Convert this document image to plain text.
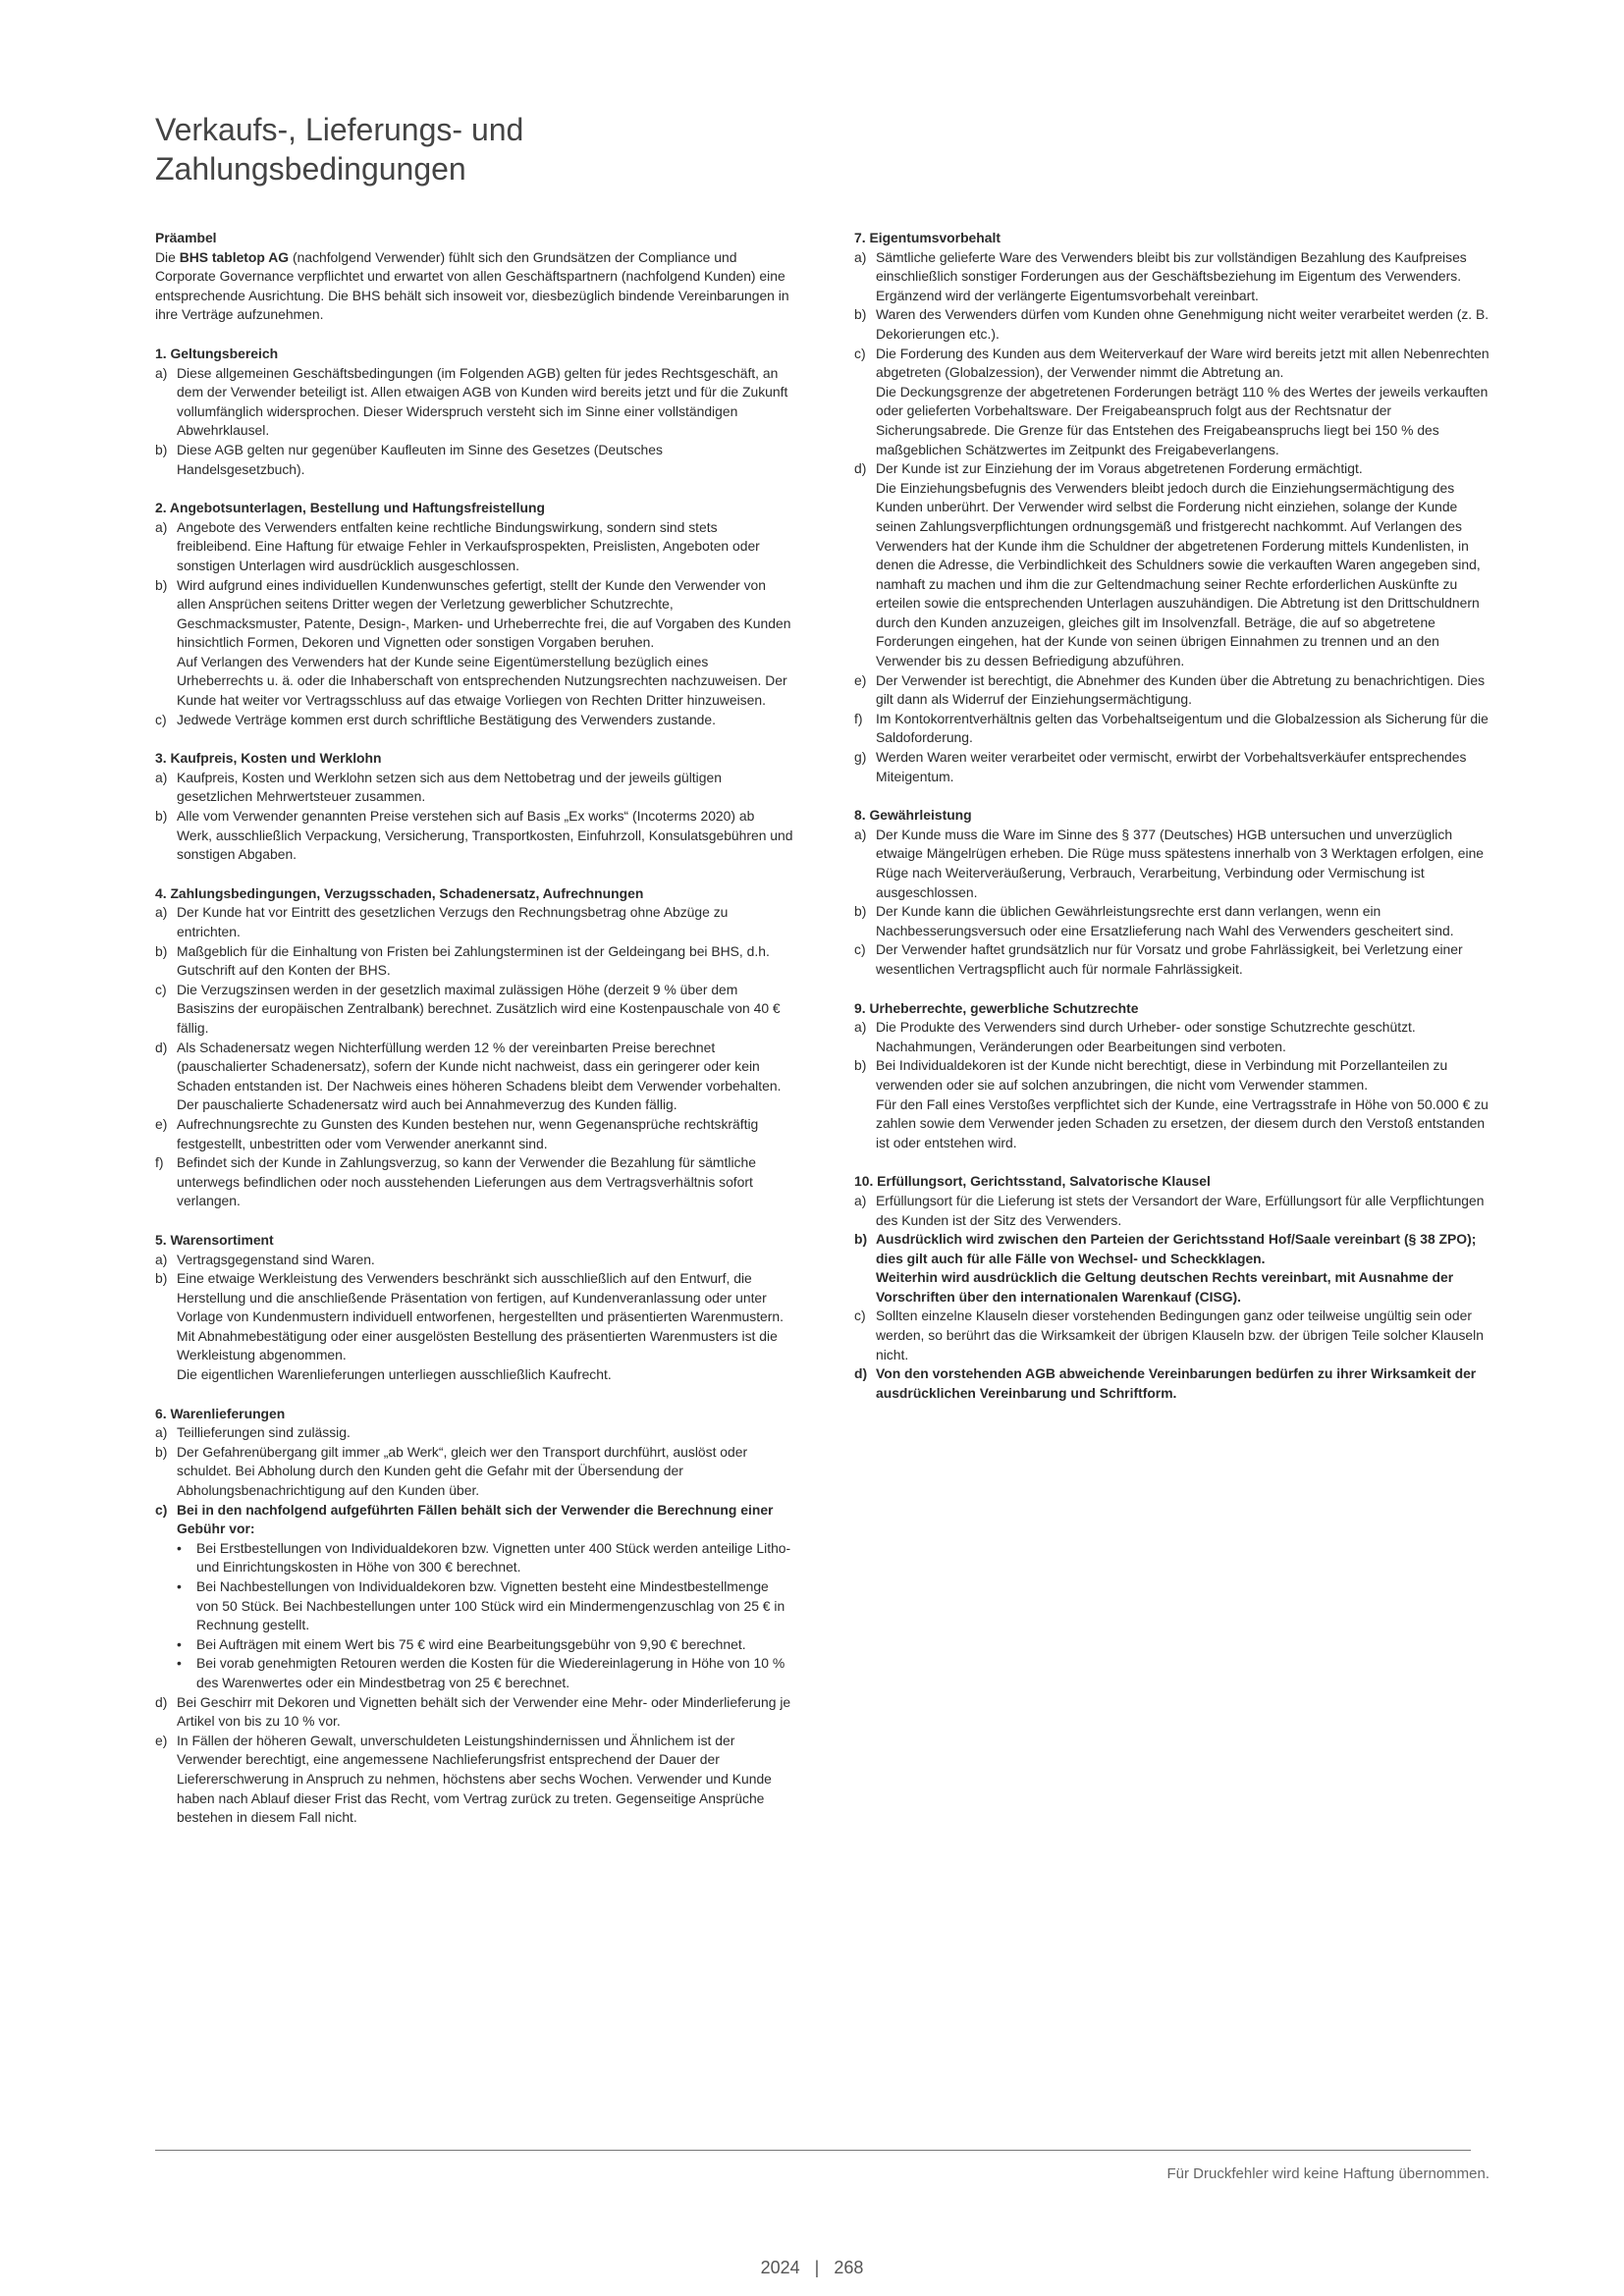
Verkaufs-, Lieferungs- und
Zahlungsbedingungen
Präambel

Die BHS tabletop AG (nachfolgend Verwender) fühlt sich den Grundsätzen der Compliance und Corporate Governance verpflichtet und erwartet von allen Geschäftspartnern (nachfolgend Kunden) eine entsprechende Ausrichtung. Die BHS behält sich insoweit vor, diesbezüglich bindende Vereinbarungen in ihre Verträge aufzunehmen.

1. Geltungsbereich
a) Diese allgemeinen Geschäftsbedingungen (im Folgenden AGB) gelten für jedes Rechtsgeschäft, an dem der Verwender beteiligt ist. Allen etwaigen AGB von Kunden wird bereits jetzt und für die Zukunft vollumfänglich widersprochen. Dieser Widerspruch versteht sich im Sinne einer vollständigen Abwehrklausel.
b) Diese AGB gelten nur gegenüber Kaufleuten im Sinne des Gesetzes (Deutsches Handelsgesetzbuch).
2. Angebotsunterlagen, Bestellung und Haftungsfreistellung
a) Angebote des Verwenders entfalten keine rechtliche Bindungswirkung, sondern sind stets freibleibend. Eine Haftung für etwaige Fehler in Verkaufsprospekten, Preislisten, Angeboten oder sonstigen Unterlagen wird ausdrücklich ausgeschlossen.
b) Wird aufgrund eines individuellen Kundenwunsches gefertigt, stellt der Kunde den Verwender von allen Ansprüchen seitens Dritter wegen der Verletzung gewerblicher Schutzrechte, Geschmacksmuster, Patente, Design-, Marken- und Urheberrechte frei, die auf Vorgaben des Kunden hinsichtlich Formen, Dekoren und Vignetten oder sonstigen Vorgaben beruhen.

Auf Verlangen des Verwenders hat der Kunde seine Eigentümerstellung bezüglich eines Urheberrechts u. ä. oder die Inhaberschaft von entsprechenden Nutzungsrechten nachzuweisen. Der Kunde hat weiter vor Vertragsschluss auf das etwaige Vorliegen von Rechten Dritter hinzuweisen.

c) Jedwede Verträge kommen erst durch schriftliche Bestätigung des Verwenders zustande.
3. Kaufpreis, Kosten und Werklohn
a) Kaufpreis, Kosten und Werklohn setzen sich aus dem Nettobetrag und der jeweils gültigen gesetzlichen Mehrwertsteuer zusammen.
b) Alle vom Verwender genannten Preise verstehen sich auf Basis „Ex works“ (Incoterms 2020) ab Werk, ausschließlich Verpackung, Versicherung, Transportkosten, Einfuhrzoll, Konsulatsgebühren und sonstigen Abgaben.
4. Zahlungsbedingungen, Verzugsschaden, Schadenersatz, Aufrechnungen
a) Der Kunde hat vor Eintritt des gesetzlichen Verzugs den Rechnungsbetrag ohne Abzüge zu entrichten.
b) Maßgeblich für die Einhaltung von Fristen bei Zahlungsterminen ist der Geldeingang bei BHS, d.h. Gutschrift auf den Konten der BHS.
c) Die Verzugszinsen werden in der gesetzlich maximal zulässigen Höhe (derzeit 9 % über dem Basiszins der europäischen Zentralbank) berechnet. Zusätzlich wird eine Kostenpauschale von 40 € fällig.
d) Als Schadenersatz wegen Nichterfüllung werden 12 % der vereinbarten Preise berechnet (pauschalierter Schadenersatz), sofern der Kunde nicht nachweist, dass ein geringerer oder kein Schaden entstanden ist. Der Nachweis eines höheren Schadens bleibt dem Verwender vorbehalten. Der pauschalierte Schadenersatz wird auch bei Annahmeverzug des Kunden fällig.
e) Aufrechnungsrechte zu Gunsten des Kunden bestehen nur, wenn Gegenansprüche rechtskräftig festgestellt, unbestritten oder vom Verwender anerkannt sind.
f) Befindet sich der Kunde in Zahlungsverzug, so kann der Verwender die Bezahlung für sämtliche unterwegs befindlichen oder noch ausstehenden Lieferungen aus dem Vertragsverhältnis sofort verlangen.
5. Warensortiment
a) Vertragsgegenstand sind Waren.
b) Eine etwaige Werkleistung des Verwenders beschränkt sich ausschließlich auf den Entwurf, die Herstellung und die anschließende Präsentation von fertigen, auf Kundenveranlassung oder unter Vorlage von Kundenmustern individuell entworfenen, hergestellten und präsentierten Warenmustern. Mit Abnahmebestätigung oder einer ausgelösten Bestellung des präsentierten Warenmusters ist die Werkleistung abgenommen.

Die eigentlichen Warenlieferungen unterliegen ausschließlich Kaufrecht.

6. Warenlieferungen
a) Teillieferungen sind zulässig.
b) Der Gefahrenübergang gilt immer „ab Werk“, gleich wer den Transport durchführt, auslöst oder schuldet. Bei Abholung durch den Kunden geht die Gefahr mit der Übersendung der Abholungsbenachrichtigung auf den Kunden über.
c) Bei in den nachfolgend aufgeführten Fällen behält sich der Verwender die Berechnung einer Gebühr vor:
•	Bei Erstbestellungen von Individualdekoren bzw. Vignetten unter 400 Stück werden anteilige Litho- und Einrichtungskosten in Höhe von 300 € berechnet.
•	Bei Nachbestellungen von Individualdekoren bzw. Vignetten besteht eine Mindestbestellmenge von 50 Stück. Bei Nachbestellungen unter 100 Stück wird ein Mindermengenzuschlag von 25 € in Rechnung gestellt.
•	Bei Aufträgen mit einem Wert bis 75 € wird eine Bearbeitungsgebühr von 9,90 € berechnet.
•	Bei vorab genehmigten Retouren werden die Kosten für die Wiedereinlagerung in Höhe von 10 % des Warenwertes oder ein Mindestbetrag von 25 € berechnet.
d) Bei Geschirr mit Dekoren und Vignetten behält sich der Verwender eine Mehr- oder Minderlieferung je Artikel von bis zu 10 % vor.
e) In Fällen der höheren Gewalt, unverschuldeten Leistungshindernissen und Ähnlichem ist der Verwender berechtigt, eine angemessene Nachlieferungsfrist entsprechend der Dauer der Liefererschwerung in Anspruch zu nehmen, höchstens aber sechs Wochen. Verwender und Kunde haben nach Ablauf dieser Frist das Recht, vom Vertrag zurück zu treten. Gegenseitige Ansprüche bestehen in diesem Fall nicht.
7. Eigentumsvorbehalt
a) Sämtliche gelieferte Ware des Verwenders bleibt bis zur vollständigen Bezahlung des Kaufpreises einschließlich sonstiger Forderungen aus der Geschäftsbeziehung im Eigentum des Verwenders. Ergänzend wird der verlängerte Eigentumsvorbehalt vereinbart.
b) Waren des Verwenders dürfen vom Kunden ohne Genehmigung nicht weiter verarbeitet werden (z. B. Dekorierungen etc.).
c) Die Forderung des Kunden aus dem Weiterverkauf der Ware wird bereits jetzt mit allen Nebenrechten abgetreten (Globalzession), der Verwender nimmt die Abtretung an.

Die Deckungsgrenze der abgetretenen Forderungen beträgt 110 % des Wertes der jeweils verkauften oder gelieferten Vorbehaltsware. Der Freigabeanspruch folgt aus der Rechtsnatur der Sicherungsabrede. Die Grenze für das Entstehen des Freigabeanspruchs liegt bei 150 % des maßgeblichen Schätzwertes im Zeitpunkt des Freigabeverlangens.

d) Der Kunde ist zur Einziehung der im Voraus abgetretenen Forderung ermächtigt.

Die Einziehungsbefugnis des Verwenders bleibt jedoch durch die Einziehungsermächtigung des Kunden unberührt. Der Verwender wird selbst die Forderung nicht einziehen, solange der Kunde seinen Zahlungsverpflichtungen ordnungsgemäß und fristgerecht nachkommt. Auf Verlangen des Verwenders hat der Kunde ihm die Schuldner der abgetretenen Forderung mittels Kundenlisten, in denen die Adresse, die Verbindlichkeit des Schuldners sowie die verkauften Waren angegeben sind, namhaft zu machen und ihm die zur Geltendmachung seiner Rechte erforderlichen Auskünfte zu erteilen sowie die entsprechenden Unterlagen auszuhändigen. Die Abtretung ist den Drittschuldnern durch den Kunden anzuzeigen, gleiches gilt im Insolvenzfall. Beträge, die auf so abgetretene Forderungen eingehen, hat der Kunde von seinen übrigen Einnahmen zu trennen und an den Verwender bis zu dessen Befriedigung abzuführen.

e) Der Verwender ist berechtigt, die Abnehmer des Kunden über die Abtretung zu benachrichtigen. Dies gilt dann als Widerruf der Einziehungsermächtigung.
f) Im Kontokorrentverhältnis gelten das Vorbehaltseigentum und die Globalzession als Sicherung für die Saldoforderung.
g) Werden Waren weiter verarbeitet oder vermischt, erwirbt der Vorbehaltsverkäufer entsprechendes Miteigentum.
8. Gewährleistung
a) Der Kunde muss die Ware im Sinne des § 377 (Deutsches) HGB untersuchen und unverzüglich etwaige Mängelrügen erheben. Die Rüge muss spätestens innerhalb von 3 Werktagen erfolgen, eine Rüge nach Weiterveräußerung, Verbrauch, Verarbeitung, Verbindung oder Vermischung ist ausgeschlossen.
b) Der Kunde kann die üblichen Gewährleistungsrechte erst dann verlangen, wenn ein Nachbesserungsversuch oder eine Ersatzlieferung nach Wahl des Verwenders gescheitert sind.
c) Der Verwender haftet grundsätzlich nur für Vorsatz und grobe Fahrlässigkeit, bei Verletzung einer wesentlichen Vertragspflicht auch für normale Fahrlässigkeit.
9. Urheberrechte, gewerbliche Schutzrechte
a) Die Produkte des Verwenders sind durch Urheber- oder sonstige Schutzrechte geschützt. Nachahmungen, Veränderungen oder Bearbeitungen sind verboten.
b) Bei Individualdekoren ist der Kunde nicht berechtigt, diese in Verbindung mit Porzellanteilen zu verwenden oder sie auf solchen anzubringen, die nicht vom Verwender stammen.

Für den Fall eines Verstoßes verpflichtet sich der Kunde, eine Vertragsstrafe in Höhe von 50.000 € zu zahlen sowie dem Verwender jeden Schaden zu ersetzen, der diesem durch den Verstoß entstanden ist oder entstehen wird.

10. Erfüllungsort, Gerichtsstand, Salvatorische Klausel
a) Erfüllungsort für die Lieferung ist stets der Versandort der Ware, Erfüllungsort für alle Verpflichtungen des Kunden ist der Sitz des Verwenders.
b) Ausdrücklich wird zwischen den Parteien der Gerichtsstand Hof/Saale vereinbart (§ 38 ZPO); dies gilt auch für alle Fälle von Wechsel- und Scheckklagen.

Weiterhin wird ausdrücklich die Geltung deutschen Rechts vereinbart, mit Ausnahme der Vorschriften über den internationalen Warenkauf (CISG).

c) Sollten einzelne Klauseln dieser vorstehenden Bedingungen ganz oder teilweise ungültig sein oder werden, so berührt das die Wirksamkeit der übrigen Klauseln bzw. der übrigen Teile solcher Klauseln nicht.
d) Von den vorstehenden AGB abweichende Vereinbarungen bedürfen zu ihrer Wirksamkeit der ausdrücklichen Vereinbarung und Schriftform.
Für Druckfehler wird keine Haftung übernommen.
2024 | 268
